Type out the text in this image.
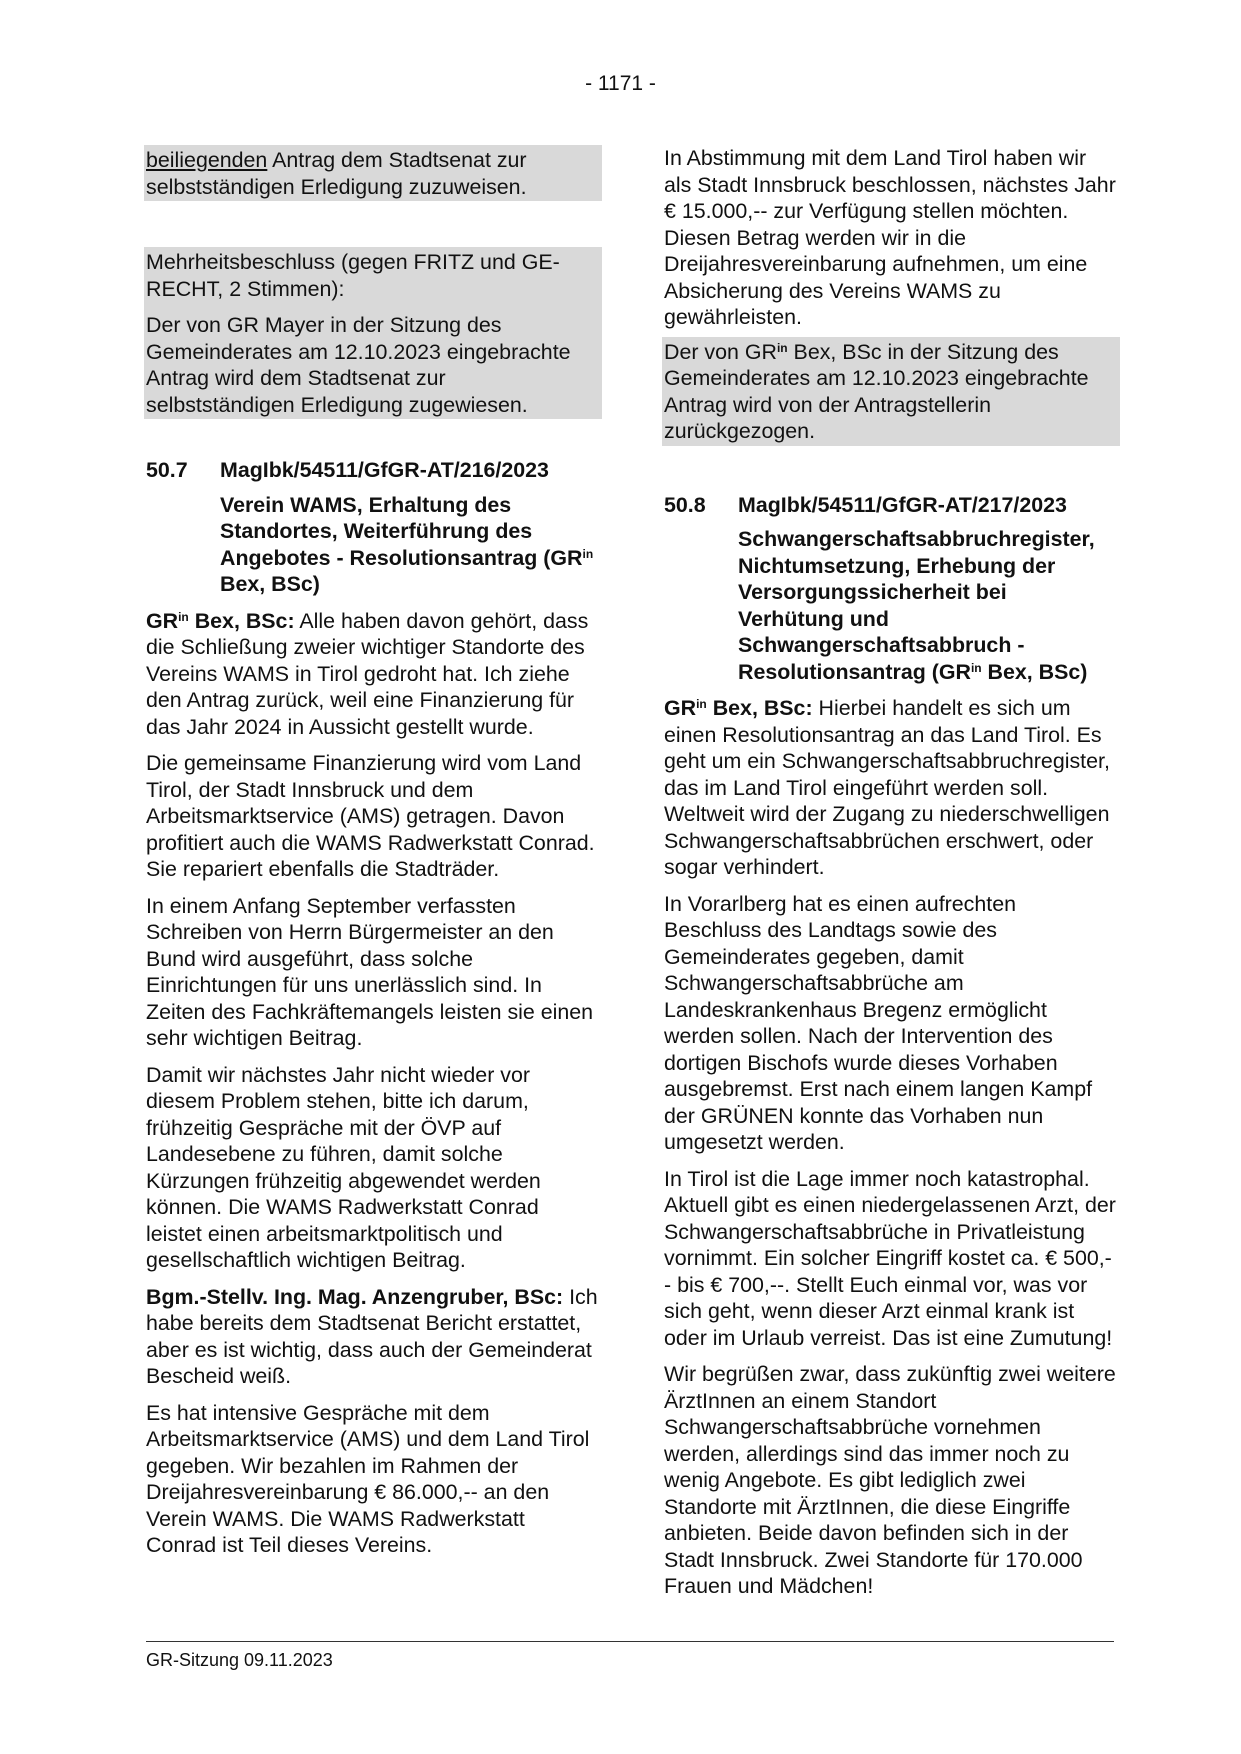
- 1171 -

beiliegenden Antrag dem Stadtsenat zur selbstständigen Erledigung zuzuweisen.

Mehrheitsbeschluss (gegen FRITZ und GE-RECHT, 2 Stimmen):

Der von GR Mayer in der Sitzung des Gemeinderates am 12.10.2023 eingebrachte Antrag wird dem Stadtsenat zur selbstständigen Erledigung zugewiesen.

50.7	MagIbk/54511/GfGR-AT/216/2023
Verein WAMS, Erhaltung des Standortes, Weiterführung des Angebotes - Resolutionsantrag ($GR^{in}$ Bex, BSc)

$GR^{in}$ Bex, BSc: Alle haben davon gehört, dass die Schließung zweier wichtiger Standorte des Vereins WAMS in Tirol gedroht hat. Ich ziehe den Antrag zurück, weil eine Finanzierung für das Jahr 2024 in Aussicht gestellt wurde.

Die gemeinsame Finanzierung wird vom Land Tirol, der Stadt Innsbruck und dem Arbeitsmarktservice (AMS) getragen. Davon profitiert auch die WAMS Radwerkstatt Conrad. Sie repariert ebenfalls die Stadträder.

In einem Anfang September verfassten Schreiben von Herrn Bürgermeister an den Bund wird ausgeführt, dass solche Einrichtungen für uns unerlässlich sind. In Zeiten des Fachkräftemangels leisten sie einen sehr wichtigen Beitrag.

Damit wir nächstes Jahr nicht wieder vor diesem Problem stehen, bitte ich darum, frühzeitig Gespräche mit der ÖVP auf Landesebene zu führen, damit solche Kürzungen frühzeitig abgewendet werden können. Die WAMS Radwerkstatt Conrad leistet einen arbeitsmarktpolitisch und gesellschaftlich wichtigen Beitrag.

Bgm.-Stellv. Ing. Mag. Anzengruber, BSc: Ich habe bereits dem Stadtsenat Bericht erstattet, aber es ist wichtig, dass auch der Gemeinderat Bescheid weiß.

Es hat intensive Gespräche mit dem Arbeitsmarktservice (AMS) und dem Land Tirol gegeben. Wir bezahlen im Rahmen der Dreijahresvereinbarung € 86.000,-- an den Verein WAMS. Die WAMS Radwerkstatt Conrad ist Teil dieses Vereins.

In Abstimmung mit dem Land Tirol haben wir als Stadt Innsbruck beschlossen, nächstes Jahr € 15.000,-- zur Verfügung stellen möchten. Diesen Betrag werden wir in die Dreijahresvereinbarung aufnehmen, um eine Absicherung des Vereins WAMS zu gewährleisten.

Der von $GR^{in}$ Bex, BSc in der Sitzung des Gemeinderates am 12.10.2023 eingebrachte Antrag wird von der Antragstellerin zurückgezogen.

50.8	MagIbk/54511/GfGR-AT/217/2023
Schwangerschaftsabbruchregister, Nichtumsetzung, Erhebung der Versorgungssicherheit bei Verhütung und Schwangerschaftsabbruch - Resolutionsantrag ($GR^{in}$ Bex, BSc)

$GR^{in}$ Bex, BSc: Hierbei handelt es sich um einen Resolutionsantrag an das Land Tirol. Es geht um ein Schwangerschaftsabbruchregister, das im Land Tirol eingeführt werden soll. Weltweit wird der Zugang zu niederschwelligen Schwangerschaftsabbrüchen erschwert, oder sogar verhindert.

In Vorarlberg hat es einen aufrechten Beschluss des Landtags sowie des Gemeinderates gegeben, damit Schwangerschaftsabbrüche am Landeskrankenhaus Bregenz ermöglicht werden sollen. Nach der Intervention des dortigen Bischofs wurde dieses Vorhaben ausgebremst. Erst nach einem langen Kampf der GRÜNEN konnte das Vorhaben nun umgesetzt werden.

In Tirol ist die Lage immer noch katastrophal. Aktuell gibt es einen niedergelassenen Arzt, der Schwangerschaftsabbrüche in Privatleistung vornimmt. Ein solcher Eingriff kostet ca. € 500,-- bis € 700,--. Stellt Euch einmal vor, was vor sich geht, wenn dieser Arzt einmal krank ist oder im Urlaub verreist. Das ist eine Zumutung!

Wir begrüßen zwar, dass zukünftig zwei weitere ÄrztInnen an einem Standort Schwangerschaftsabbrüche vornehmen werden, allerdings sind das immer noch zu wenig Angebote. Es gibt lediglich zwei Standorte mit ÄrztInnen, die diese Eingriffe anbieten. Beide davon befinden sich in der Stadt Innsbruck. Zwei Standorte für 170.000 Frauen und Mädchen!

GR-Sitzung 09.11.2023
